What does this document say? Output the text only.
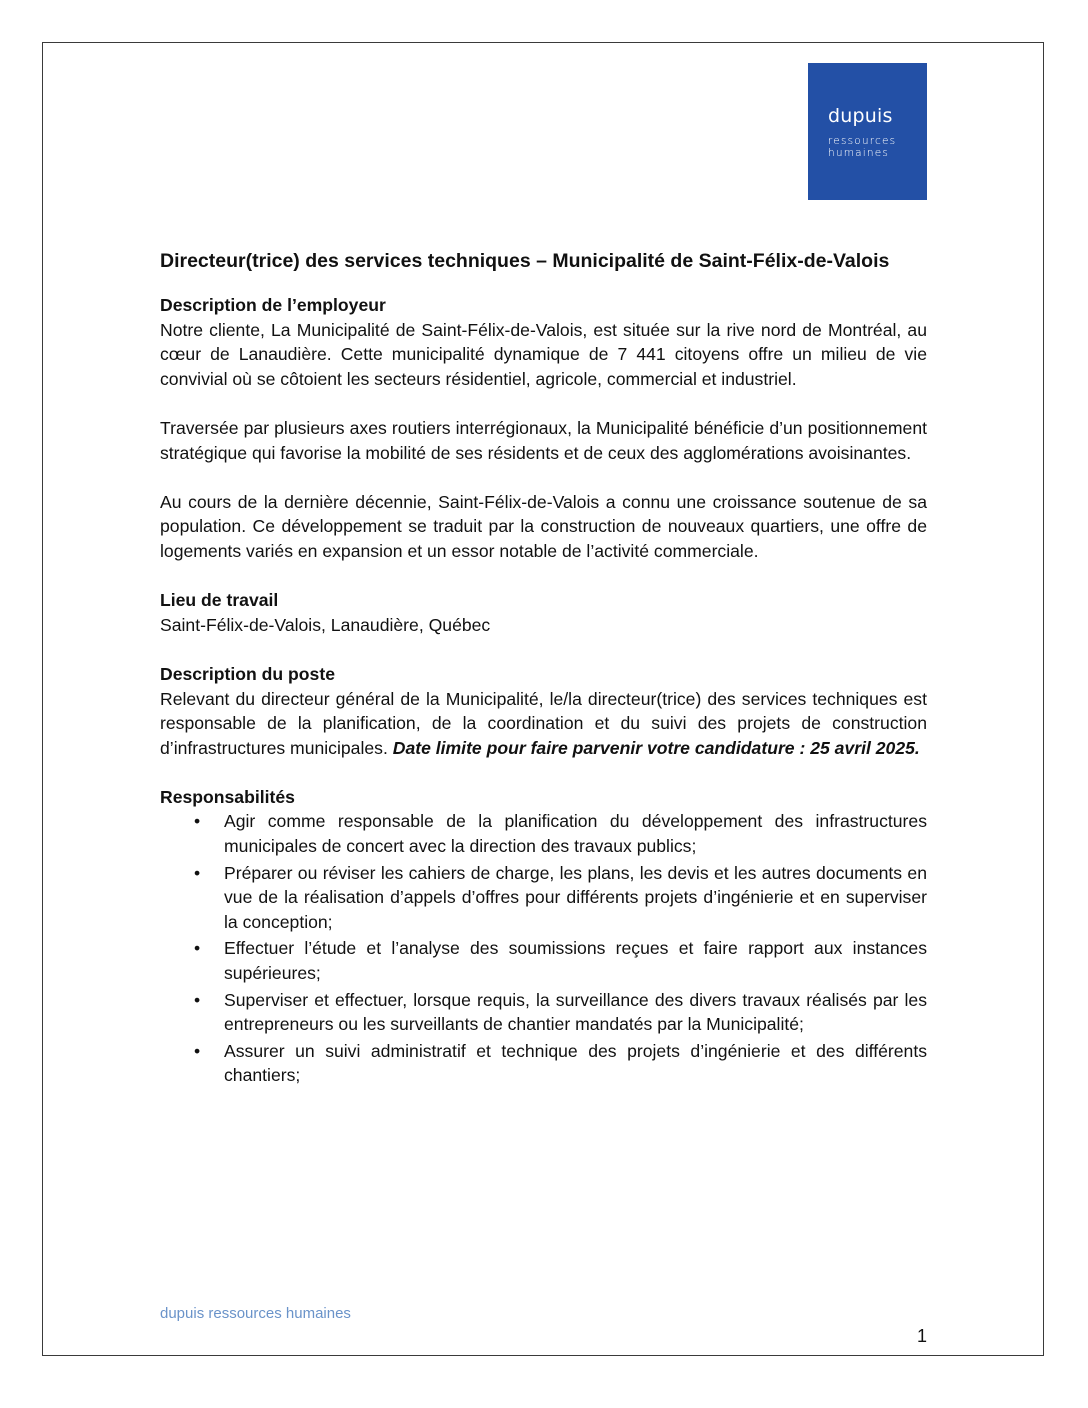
dupuis
ressources
humaines
Directeur(trice) des services techniques – Municipalité de Saint-Félix-de-Valois
Description de l’employeur

Notre cliente, La Municipalité de Saint-Félix-de-Valois, est située sur la rive nord de Montréal, au cœur de Lanaudière. Cette municipalité dynamique de 7 441 citoyens offre un milieu de vie convivial où se côtoient les secteurs résidentiel, agricole, commercial et industriel.

Traversée par plusieurs axes routiers interrégionaux, la Municipalité bénéficie d’un positionnement stratégique qui favorise la mobilité de ses résidents et de ceux des agglomérations avoisinantes.

Au cours de la dernière décennie, Saint-Félix-de-Valois a connu une croissance soutenue de sa population. Ce développement se traduit par la construction de nouveaux quartiers, une offre de logements variés en expansion et un essor notable de l’activité commerciale.

Lieu de travail

Saint-Félix-de-Valois, Lanaudière, Québec

Description du poste

Relevant du directeur général de la Municipalité, le/la directeur(trice) des services techniques est responsable de la planification, de la coordination et du suivi des projets de construction d’infrastructures municipales. Date limite pour faire parvenir votre candidature : 25 avril 2025.

Responsabilités
• Agir comme responsable de la planification du développement des infrastructures municipales de concert avec la direction des travaux publics;
• Préparer ou réviser les cahiers de charge, les plans, les devis et les autres documents en vue de la réalisation d’appels d’offres pour différents projets d’ingénierie et en superviser la conception;
• Effectuer l’étude et l’analyse des soumissions reçues et faire rapport aux instances supérieures;
• Superviser et effectuer, lorsque requis, la surveillance des divers travaux réalisés par les entrepreneurs ou les surveillants de chantier mandatés par la Municipalité;
• Assurer un suivi administratif et technique des projets d’ingénierie et des différents chantiers;
dupuis ressources humaines
1
